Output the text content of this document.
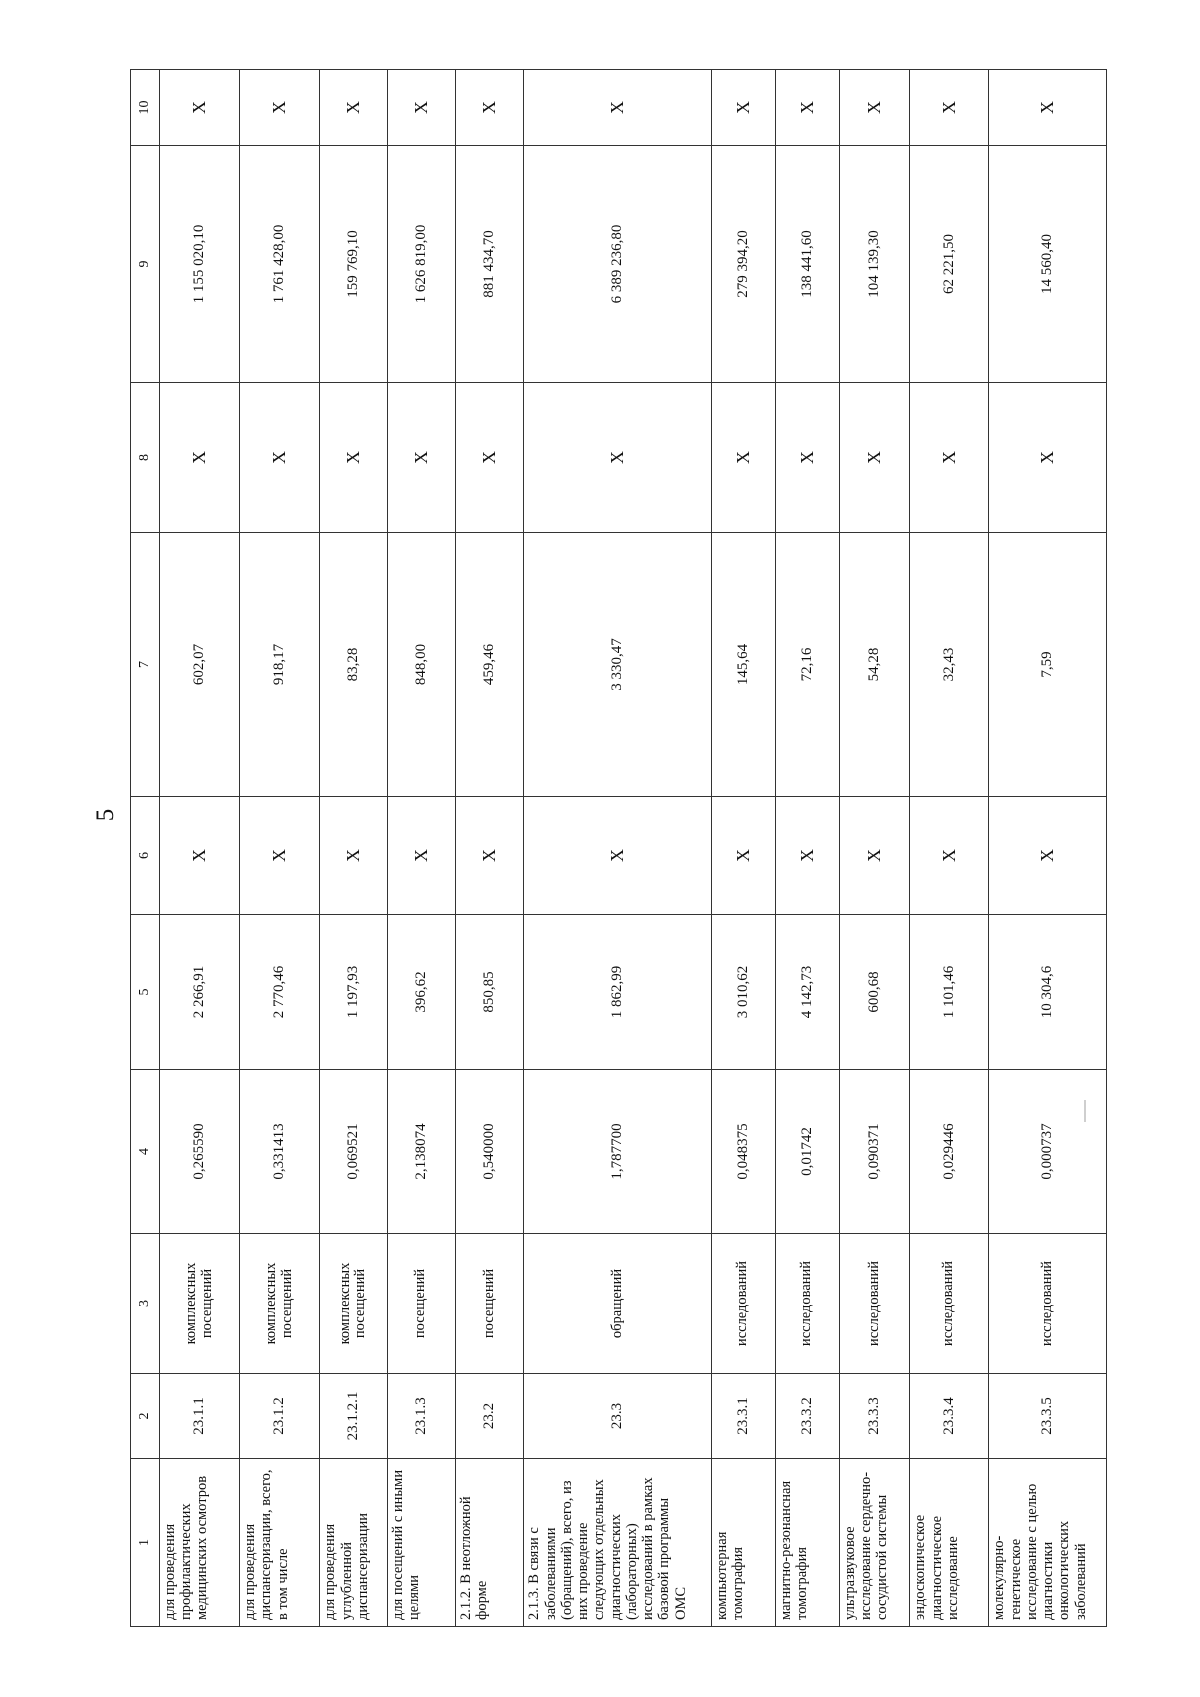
5
1	2	3	4	5	6	7	8	9	10
для проведения профилактических медицинских осмотров	23.1.1	комплексных посещений	0,265590	2 266,91	X	602,07	X	1 155 020,10	X
для проведения диспансеризации, всего, в том числе	23.1.2	комплексных посещений	0,331413	2 770,46	X	918,17	X	1 761 428,00	X
для проведения углубленной диспансеризации	23.1.2.1	комплексных посещений	0,069521	1 197,93	X	83,28	X	159 769,10	X
для посещений с иными целями	23.1.3	посещений	2,138074	396,62	X	848,00	X	1 626 819,00	X
2.1.2. В неотложной форме	23.2	посещений	0,540000	850,85	X	459,46	X	881 434,70	X
2.1.3. В связи с заболеваниями (обращений), всего, из них проведение следующих отдельных диагностических (лабораторных) исследований в рамках базовой программы ОМС	23.3	обращений	1,787700	1 862,99	X	3 330,47	X	6 389 236,80	X
компьютерная томография	23.3.1	исследований	0,048375	3 010,62	X	145,64	X	279 394,20	X
магнитно-резонансная томография	23.3.2	исследований	0,01742	4 142,73	X	72,16	X	138 441,60	X
ультразвуковое исследование сердечно-сосудистой системы	23.3.3	исследований	0,090371	600,68	X	54,28	X	104 139,30	X
эндоскопическое диагностическое исследование	23.3.4	исследований	0,029446	1 101,46	X	32,43	X	62 221,50	X
молекулярно-генетическое исследование с целью диагностики онкологических заболеваний	23.3.5	исследований	0,000737	10 304,6	X	7,59	X	14 560,40	X
